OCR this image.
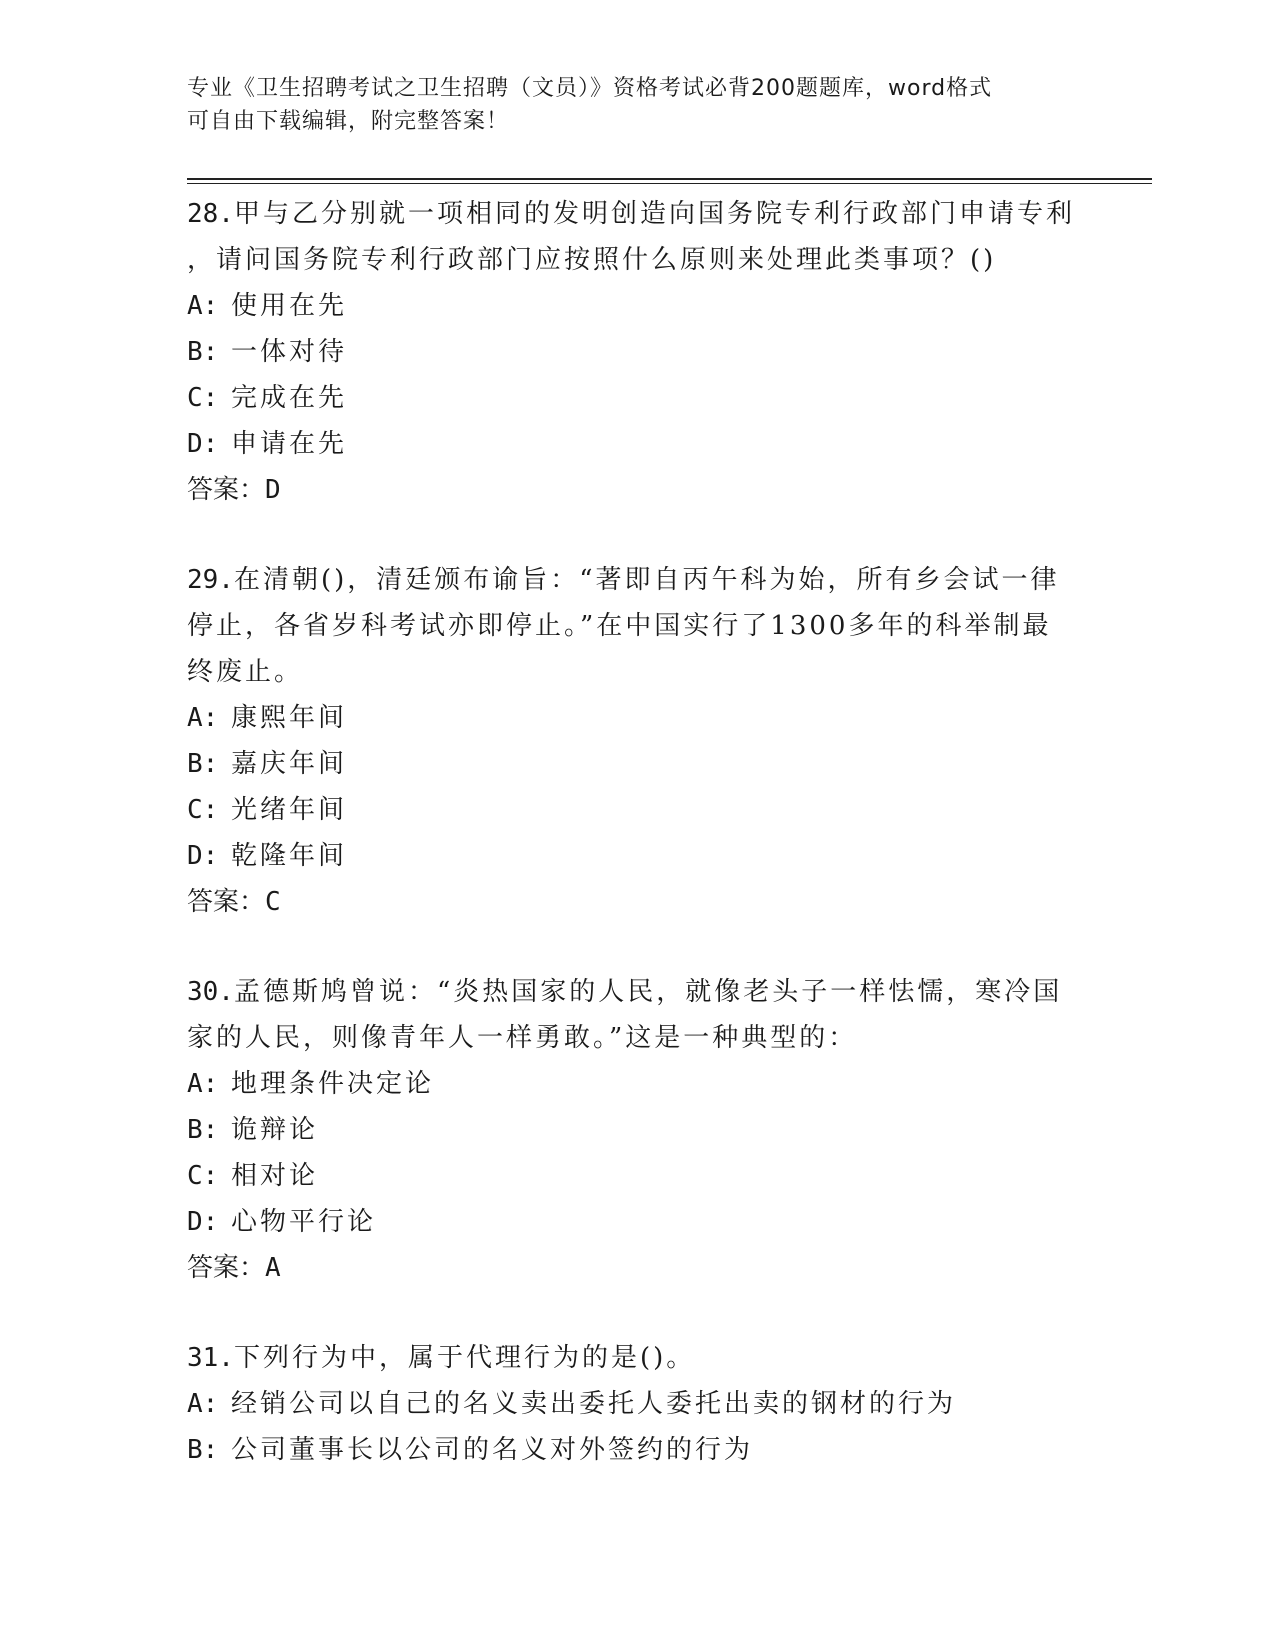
专业《卫生招聘考试之卫生招聘（文员）》资格考试必背200题题库，word格式
可自由下载编辑，附完整答案！
28.甲与乙分别就一项相同的发明创造向国务院专利行政部门申请专利
，请问国务院专利行政部门应按照什么原则来处理此类事项？()
A: 使用在先
B: 一体对待
C: 完成在先
D: 申请在先
答案：D
29.在清朝()，清廷颁布谕旨：“著即自丙午科为始，所有乡会试一律
停止，各省岁科考试亦即停止。”在中国实行了1300多年的科举制最
终废止。
A: 康熙年间
B: 嘉庆年间
C: 光绪年间
D: 乾隆年间
答案：C
30.孟德斯鸠曾说：“炎热国家的人民，就像老头子一样怯懦，寒冷国
家的人民，则像青年人一样勇敢。”这是一种典型的：
A: 地理条件决定论
B: 诡辩论
C: 相对论
D: 心物平行论
答案：A
31.下列行为中，属于代理行为的是()。
A: 经销公司以自己的名义卖出委托人委托出卖的钢材的行为
B: 公司董事长以公司的名义对外签约的行为
